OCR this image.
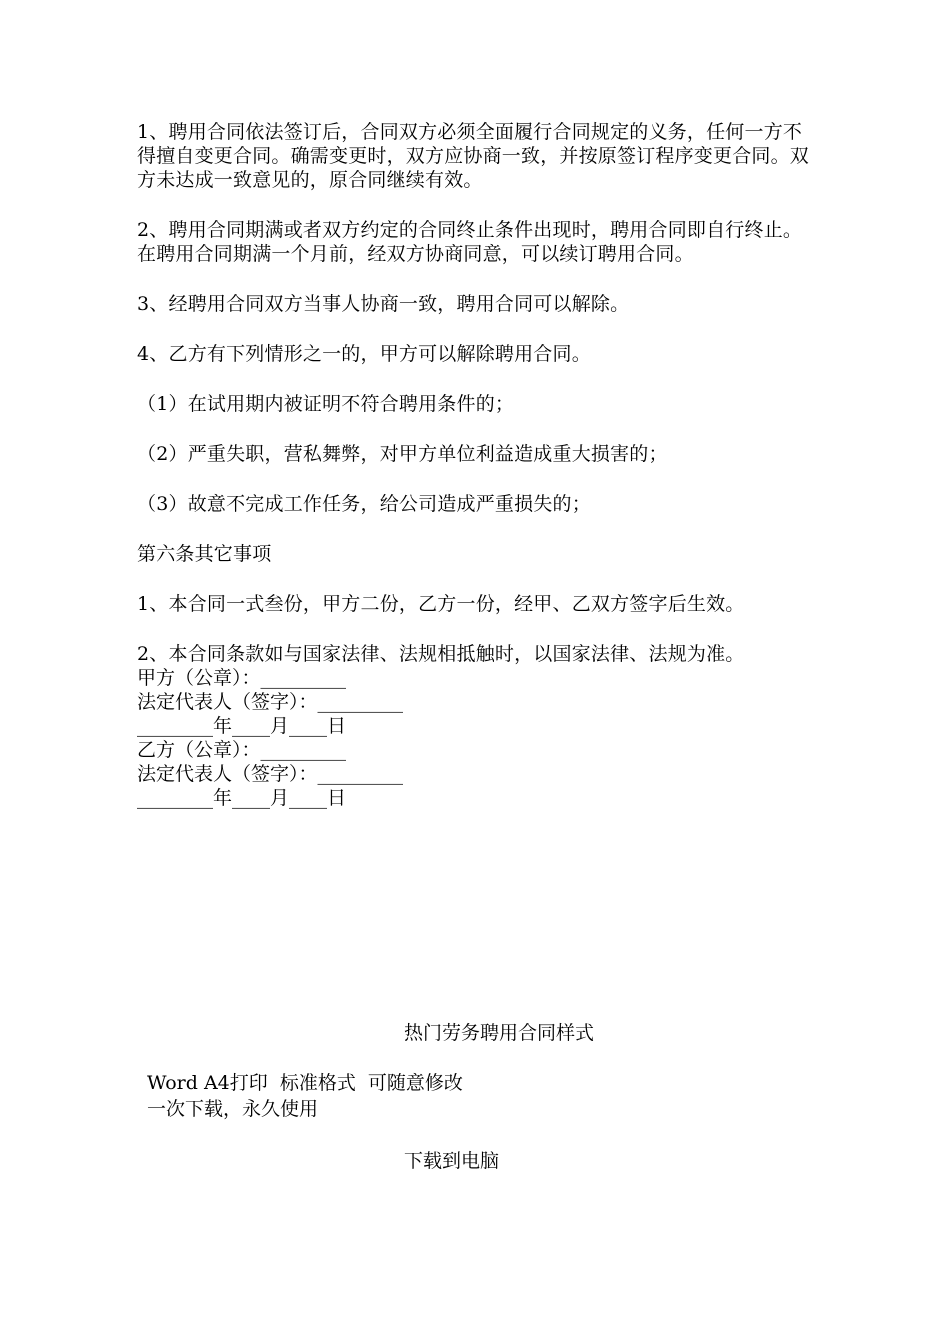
1、聘用合同依法签订后，合同双方必须全面履行合同规定的义务，任何一方不得擅自变更合同。确需变更时，双方应协商一致，并按原签订程序变更合同。双方未达成一致意见的，原合同继续有效。

2、聘用合同期满或者双方约定的合同终止条件出现时，聘用合同即自行终止。在聘用合同期满一个月前，经双方协商同意，可以续订聘用合同。

3、经聘用合同双方当事人协商一致，聘用合同可以解除。

4、乙方有下列情形之一的，甲方可以解除聘用合同。

（1）在试用期内被证明不符合聘用条件的；

（2）严重失职，营私舞弊，对甲方单位利益造成重大损害的；

（3）故意不完成工作任务，给公司造成严重损失的；

第六条其它事项

1、本合同一式叁份，甲方二份，乙方一份，经甲、乙双方签字后生效。

2、本合同条款如与国家法律、法规相抵触时，以国家法律、法规为准。

甲方（公章）：_________

法定代表人（签字）：_________

________年____月____日

乙方（公章）：_________

法定代表人（签字）：_________

________年____月____日

热门劳务聘用合同样式
Word A4打印  标准格式  可随意修改
一次下载，永久使用
下载到电脑
